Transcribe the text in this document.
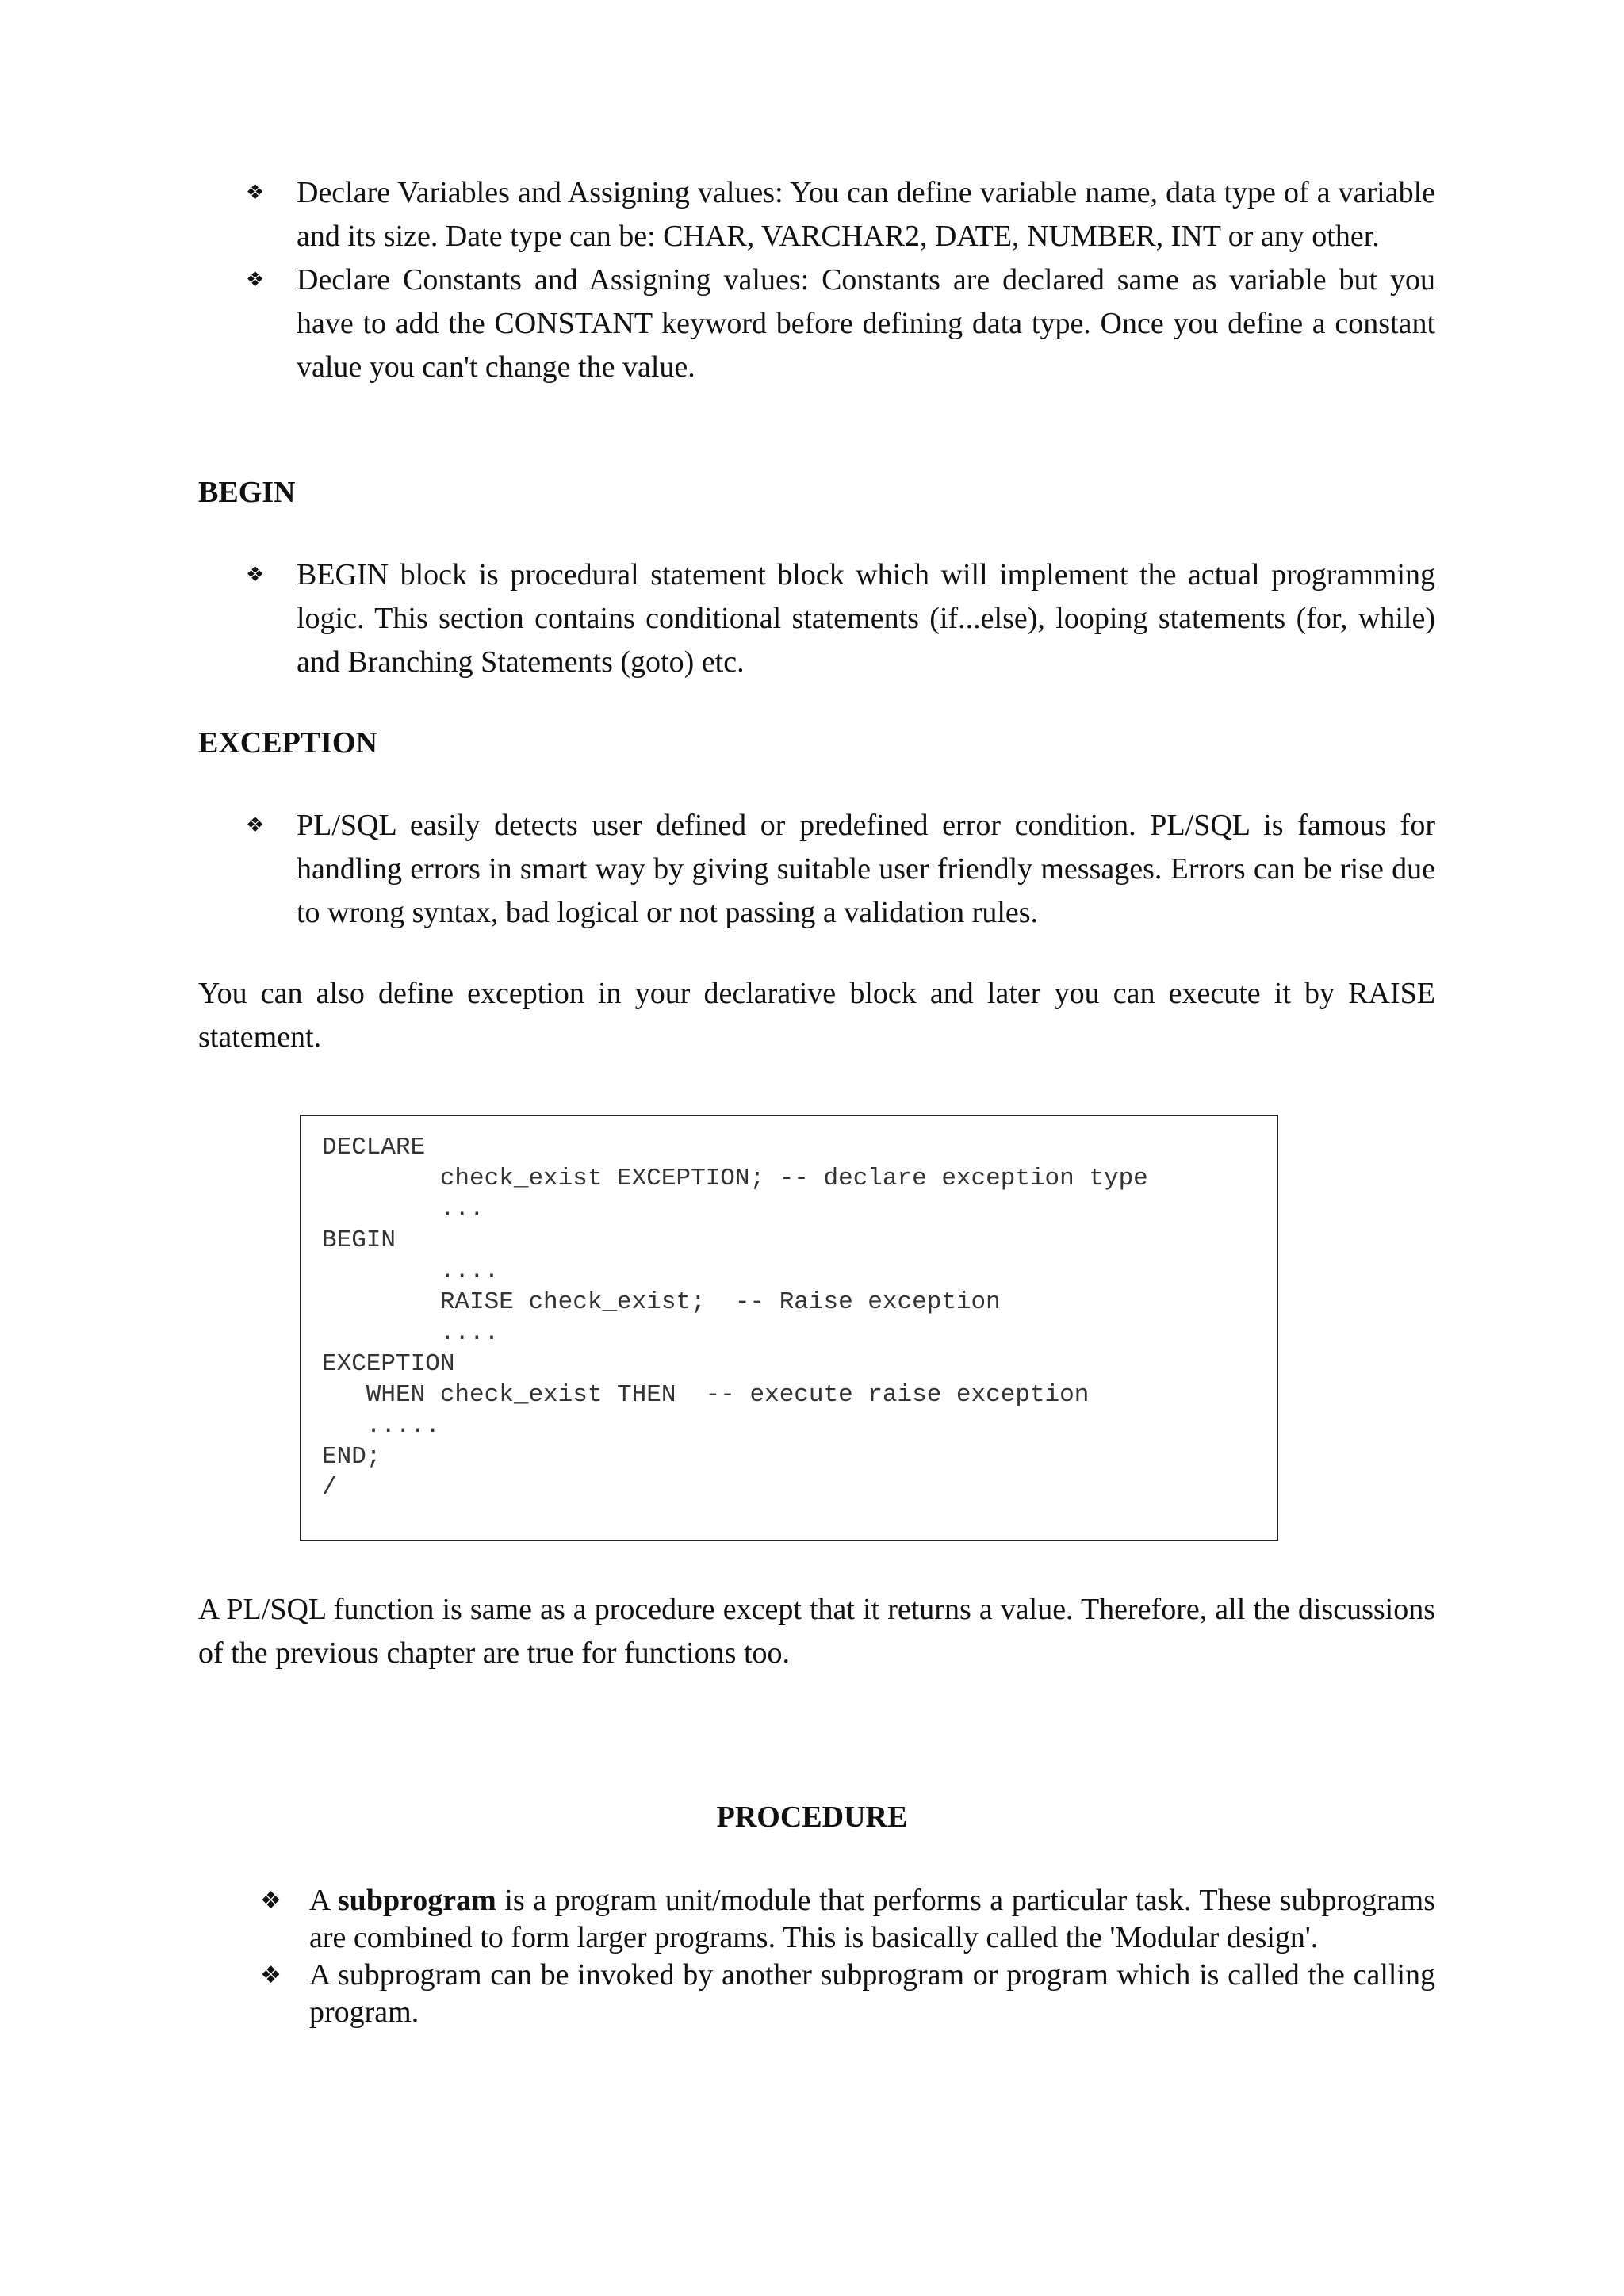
❖ Declare Variables and Assigning values: You can define variable name, data type of a variable and its size. Date type can be: CHAR, VARCHAR2, DATE, NUMBER, INT or any other.
❖ Declare Constants and Assigning values: Constants are declared same as variable but you have to add the CONSTANT keyword before defining data type. Once you define a constant value you can't change the value.
BEGIN
❖ BEGIN block is procedural statement block which will implement the actual programming logic. This section contains conditional statements (if...else), looping statements (for, while) and Branching Statements (goto) etc.
EXCEPTION
❖ PL/SQL easily detects user defined or predefined error condition. PL/SQL is famous for handling errors in smart way by giving suitable user friendly messages. Errors can be rise due to wrong syntax, bad logical or not passing a validation rules.
You can also define exception in your declarative block and later you can execute it by RAISE statement.
DECLARE
check_exist EXCEPTION; -- declare exception type
...
BEGIN
....
RAISE check_exist;  -- Raise exception
....
EXCEPTION
WHEN check_exist THEN  -- execute raise exception
.....
END;
/
A PL/SQL function is same as a procedure except that it returns a value. Therefore, all the discussions of the previous chapter are true for functions too.
PROCEDURE
❖ A subprogram is a program unit/module that performs a particular task. These subprograms are combined to form larger programs. This is basically called the 'Modular design'.
❖ A subprogram can be invoked by another subprogram or program which is called the calling program.
